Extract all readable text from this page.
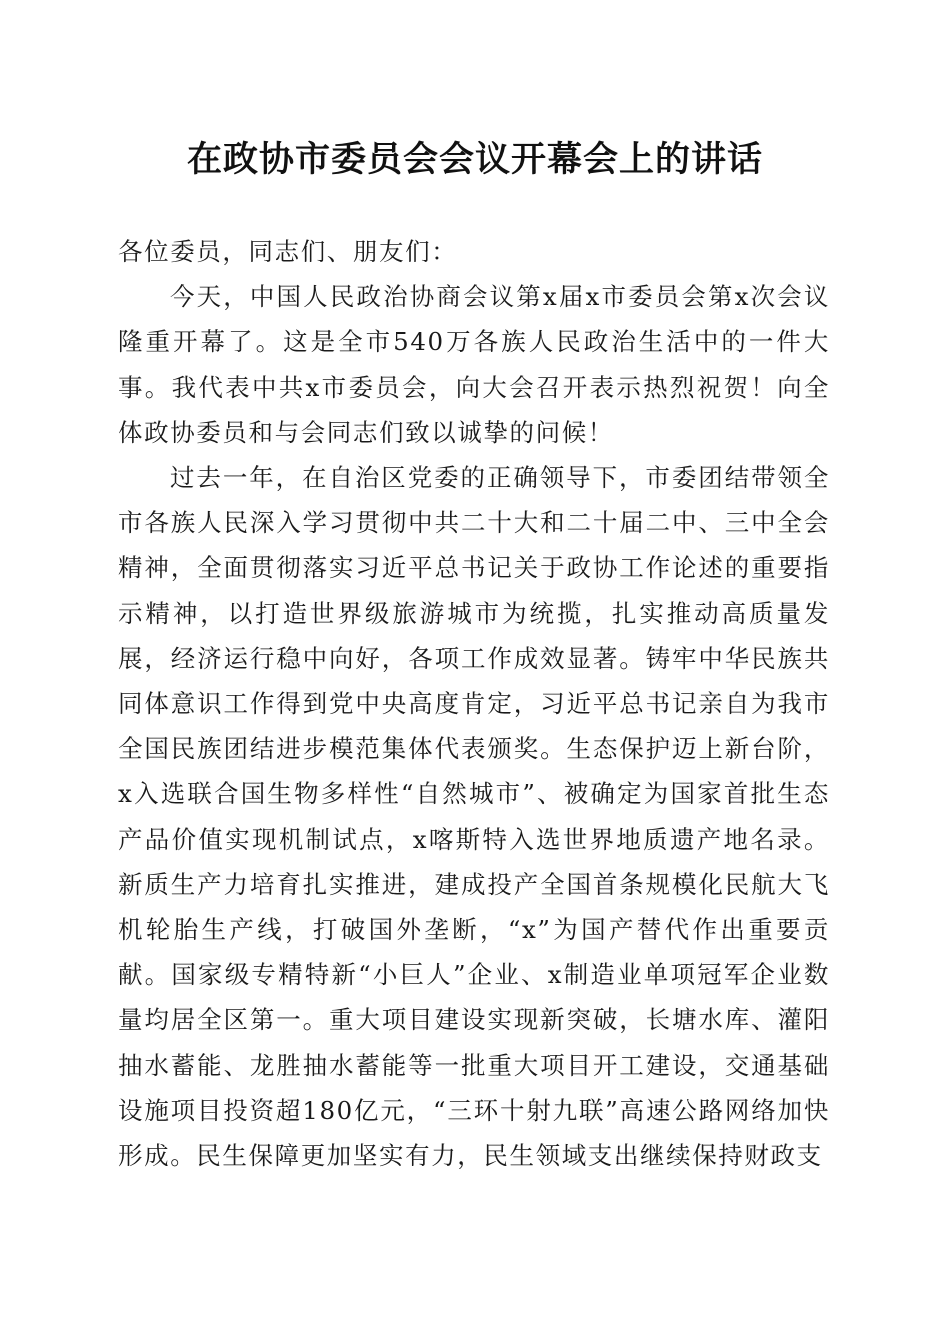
在政协市委员会会议开幕会上的讲话

各位委员，同志们、朋友们：

今天，中国人民政治协商会议第x届x市委员会第x次会议隆重开幕了。这是全市540万各族人民政治生活中的一件大事。我代表中共x市委员会，向大会召开表示热烈祝贺！向全体政协委员和与会同志们致以诚挚的问候！

过去一年，在自治区党委的正确领导下，市委团结带领全市各族人民深入学习贯彻中共二十大和二十届二中、三中全会精神，全面贯彻落实习近平总书记关于政协工作论述的重要指示精神，以打造世界级旅游城市为统揽，扎实推动高质量发展，经济运行稳中向好，各项工作成效显著。铸牢中华民族共同体意识工作得到党中央高度肯定，习近平总书记亲自为我市全国民族团结进步模范集体代表颁奖。生态保护迈上新台阶，x入选联合国生物多样性“自然城市”、被确定为国家首批生态产品价值实现机制试点，x喀斯特入选世界地质遗产地名录。新质生产力培育扎实推进，建成投产全国首条规模化民航大飞机轮胎生产线，打破国外垄断，“x”为国产替代作出重要贡献。国家级专精特新“小巨人”企业、x制造业单项冠军企业数量均居全区第一。重大项目建设实现新突破，长塘水库、灌阳抽水蓄能、龙胜抽水蓄能等一批重大项目开工建设，交通基础设施项目投资超180亿元，“三环十射九联”高速公路网络加快形成。民生保障更加坚实有力，民生领域支出继续保持财政支
